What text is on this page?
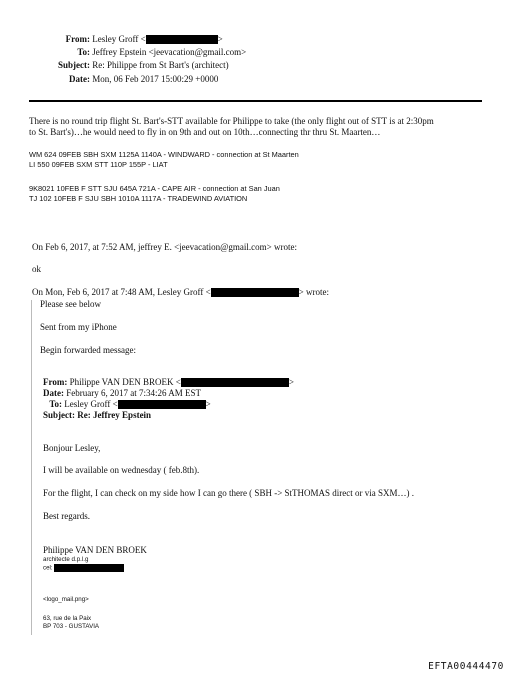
From: Lesley Groff <	>
To: Jeffrey Epstein <jeevacation@gmail.com>
Subject: Re: Philippe from St Bart's (architect)
Date: Mon, 06 Feb 2017 15:00:29 +0000
There is no round trip flight St. Bart's-STT available for Philippe to take (the only flight out of STT is at 2:30pm
to St. Bart's)…he would need to fly in on 9th and out on 10th…connecting thr thru St. Maarten…
WM 624 09FEB SBH SXM 1125A 1140A - WINDWARD - connection at St Maarten
LI 550 09FEB SXM STT 110P 155P - LIAT
9K8021 10FEB F STT SJU 645A 721A - CAPE AIR - connection at San Juan
TJ 102 10FEB F SJU SBH 1010A 1117A - TRADEWIND AVIATION
On Feb 6, 2017, at 7:52 AM, jeffrey E. <jeevacation@gmail.com> wrote:
ok
On Mon, Feb 6, 2017 at 7:48 AM, Lesley Groff <	> wrote:
Please see below
Sent from my iPhone
Begin forwarded message:
From: Philippe VAN DEN BROEK <	>
Date: February 6, 2017 at 7:34:26 AM EST
To: Lesley Groff <	>
Subject: Re: Jeffrey Epstein
Bonjour Lesley,
I will be available on wednesday ( feb.8th).
For the flight, I can check on my side how I can go there ( SBH -> StTHOMAS direct or via SXM…) .
Best regards.
Philippe VAN DEN BROEK
architecte d.p.l.g
cel:
<logo_mail.png>
63, rue de la Paix
BP 703 - GUSTAVIA
EFTA00444470
